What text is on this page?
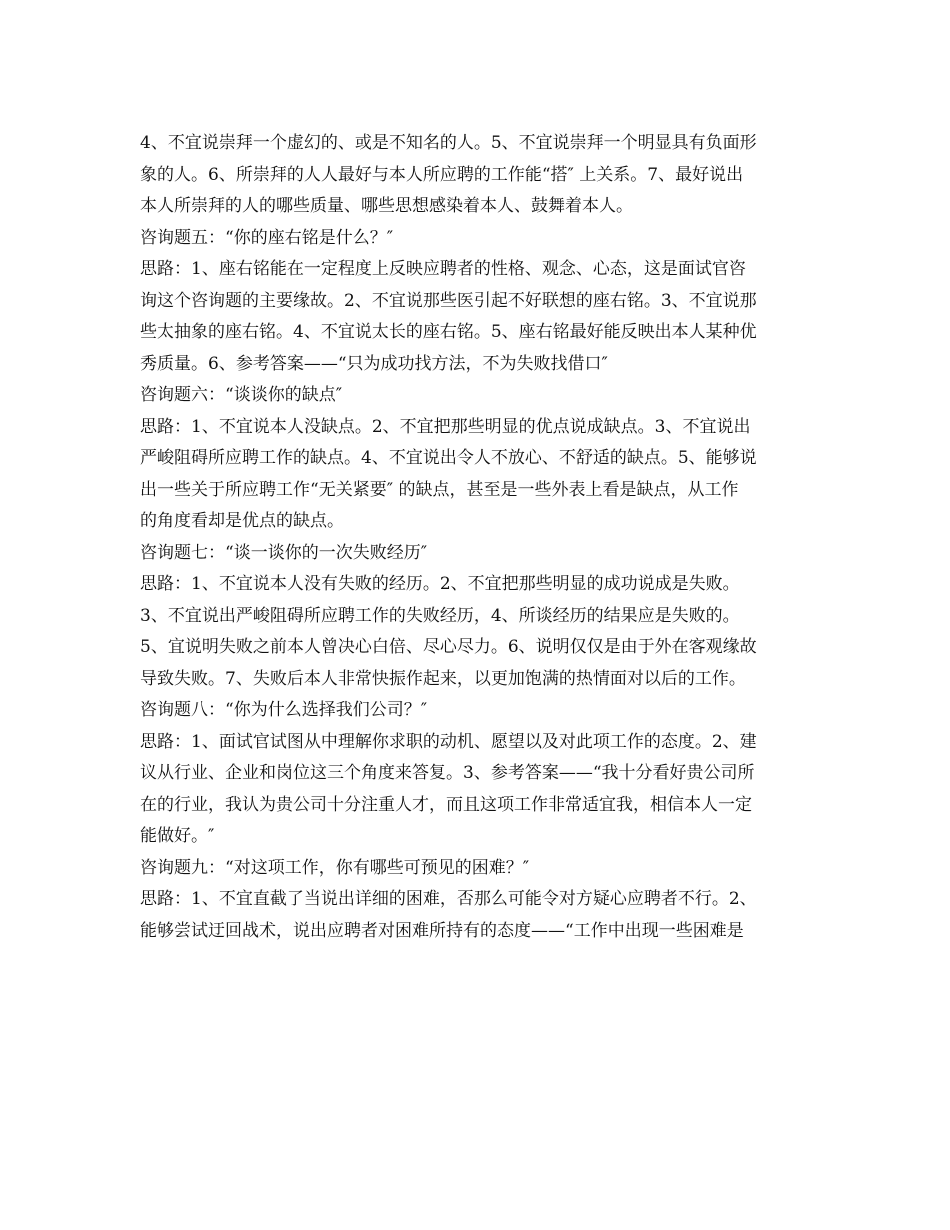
4、不宜说崇拜一个虚幻的、或是不知名的人。5、不宜说崇拜一个明显具有负面形
象的人。6、所崇拜的人人最好与本人所应聘的工作能“搭″ 上关系。7、最好说出
本人所崇拜的人的哪些质量、哪些思想感染着本人、鼓舞着本人。
咨询题五：“你的座右铭是什么？″
思路：1、座右铭能在一定程度上反映应聘者的性格、观念、心态，这是面试官咨
询这个咨询题的主要缘故。2、不宜说那些医引起不好联想的座右铭。3、不宜说那
些太抽象的座右铭。4、不宜说太长的座右铭。5、座右铭最好能反映出本人某种优
秀质量。6、参考答案——“只为成功找方法，不为失败找借口″
咨询题六：“谈谈你的缺点″
思路：1、不宜说本人没缺点。2、不宜把那些明显的优点说成缺点。3、不宜说出
严峻阻碍所应聘工作的缺点。4、不宜说出令人不放心、不舒适的缺点。5、能够说
出一些关于所应聘工作“无关紧要″ 的缺点，甚至是一些外表上看是缺点，从工作
的角度看却是优点的缺点。
咨询题七：“谈一谈你的一次失败经历″
思路：1、不宜说本人没有失败的经历。2、不宜把那些明显的成功说成是失败。
3、不宜说出严峻阻碍所应聘工作的失败经历，4、所谈经历的结果应是失败的。
5、宜说明失败之前本人曾决心白倍、尽心尽力。6、说明仅仅是由于外在客观缘故
导致失败。7、失败后本人非常快振作起来，以更加饱满的热情面对以后的工作。
咨询题八：“你为什么选择我们公司？″
思路：1、面试官试图从中理解你求职的动机、愿望以及对此项工作的态度。2、建
议从行业、企业和岗位这三个角度来答复。3、参考答案——“我十分看好贵公司所
在的行业，我认为贵公司十分注重人才，而且这项工作非常适宜我，相信本人一定
能做好。″
咨询题九：“对这项工作，你有哪些可预见的困难？″
思路：1、不宜直截了当说出详细的困难，否那么可能令对方疑心应聘者不行。2、
能够尝试迂回战术，说出应聘者对困难所持有的态度——“工作中出现一些困难是
